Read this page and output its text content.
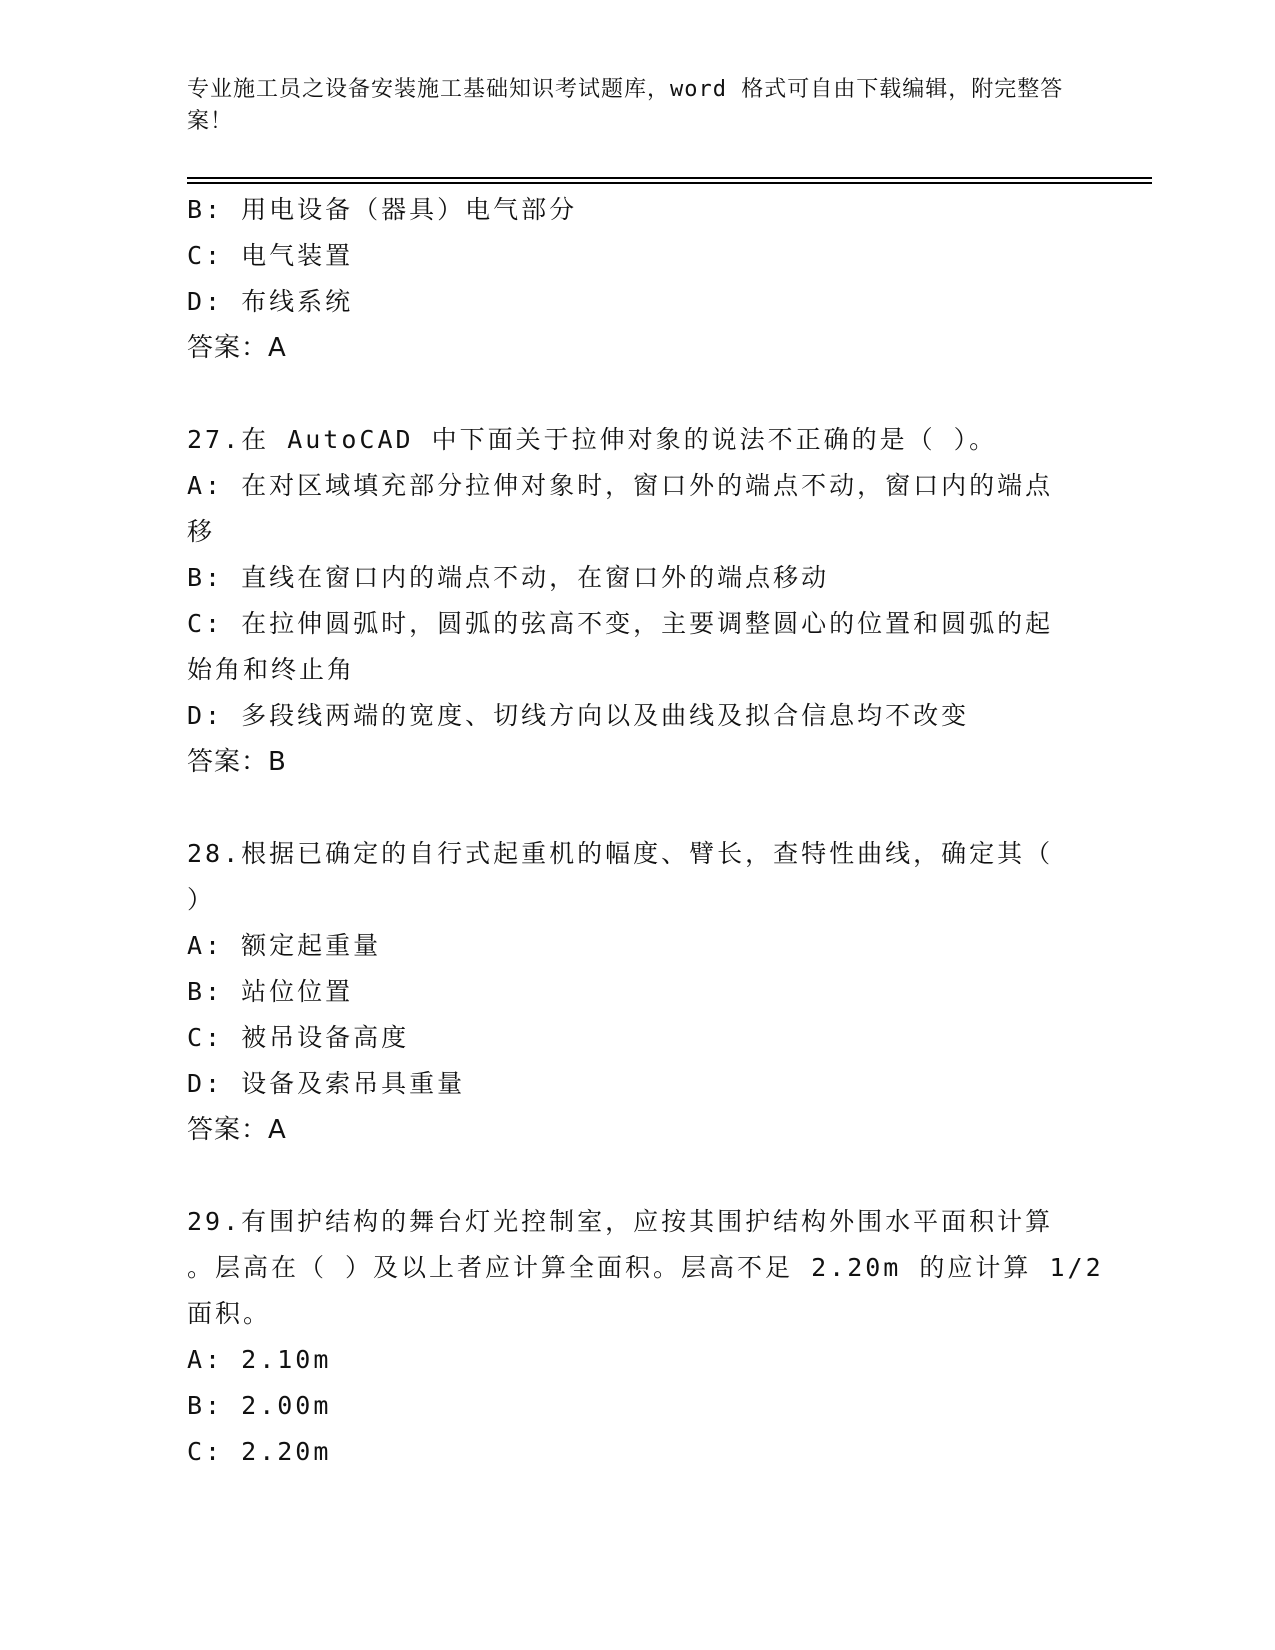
专业施工员之设备安装施工基础知识考试题库，word 格式可自由下载编辑，附完整答案！
B: 用电设备（器具）电气部分
C: 电气装置
D: 布线系统
答案：A
27.在 AutoCAD 中下面关于拉伸对象的说法不正确的是（ ）。
A: 在对区域填充部分拉伸对象时，窗口外的端点不动，窗口内的端点
移
B: 直线在窗口内的端点不动，在窗口外的端点移动
C: 在拉伸圆弧时，圆弧的弦高不变，主要调整圆心的位置和圆弧的起
始角和终止角
D: 多段线两端的宽度、切线方向以及曲线及拟合信息均不改变
答案：B
28.根据已确定的自行式起重机的幅度、臂长，查特性曲线，确定其（
）
A: 额定起重量
B: 站位位置
C: 被吊设备高度
D: 设备及索吊具重量
答案：A
29.有围护结构的舞台灯光控制室，应按其围护结构外围水平面积计算
。层高在（ ）及以上者应计算全面积。层高不足 2.20m 的应计算 1/2
面积。
A: 2.10m
B: 2.00m
C: 2.20m
